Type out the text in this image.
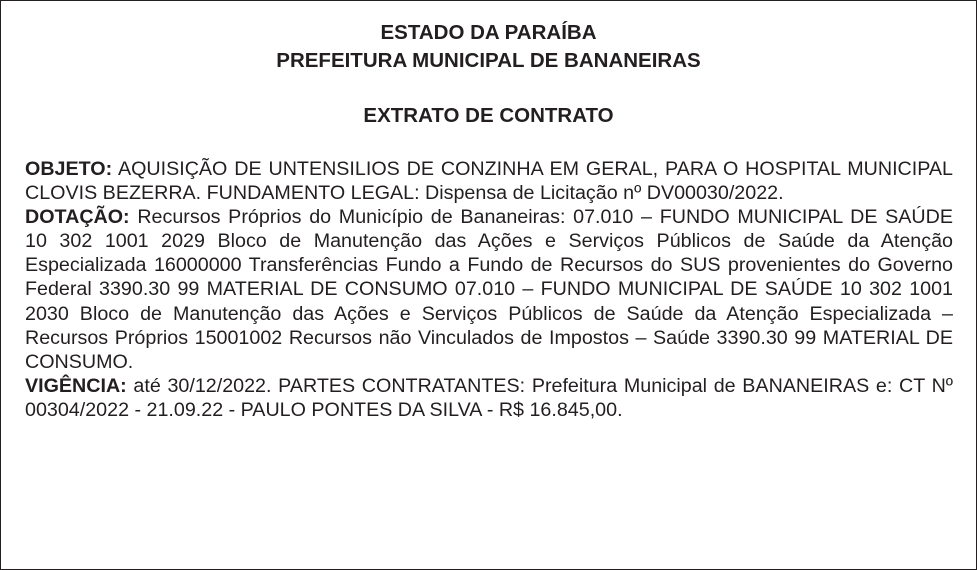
ESTADO DA PARAÍBA
PREFEITURA MUNICIPAL DE BANANEIRAS
EXTRATO DE CONTRATO

OBJETO: AQUISIÇÃO DE UNTENSILIOS DE CONZINHA EM GERAL, PARA O HOSPITAL MUNICIPAL CLOVIS BEZERRA. FUNDAMENTO LEGAL: Dispensa de Licitação nº DV00030/2022.

DOTAÇÃO: Recursos Próprios do Município de Bananeiras: 07.010 – FUNDO MUNICIPAL DE SAÚDE 10 302 1001 2029 Bloco de Manutenção das Ações e Serviços Públicos de Saúde da Atenção Especializada 16000000 Transferências Fundo a Fundo de Recursos do SUS provenientes do Governo Federal 3390.30 99 MATERIAL DE CONSUMO 07.010 – FUNDO MUNICIPAL DE SAÚDE 10 302 1001 2030 Bloco de Manutenção das Ações e Serviços Públicos de Saúde da Atenção Especializada –Recursos Próprios 15001002 Recursos não Vinculados de Impostos – Saúde 3390.30 99 MATERIAL DE CONSUMO.

VIGÊNCIA: até 30/12/2022. PARTES CONTRATANTES: Prefeitura Municipal de BANANEIRAS e: CT Nº 00304/2022 - 21.09.22 - PAULO PONTES DA SILVA - R$ 16.845,00.
